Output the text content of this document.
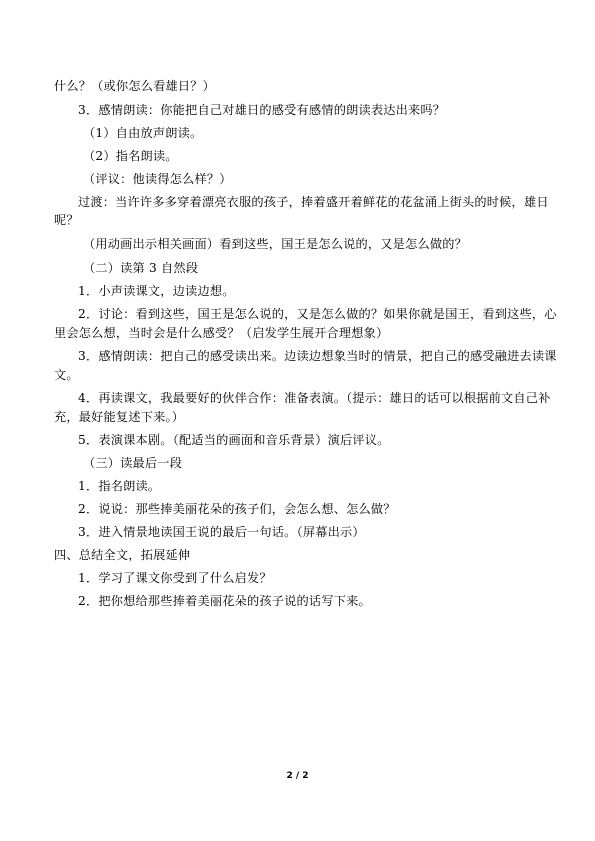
什么？（或你怎么看雄日？）
3．感情朗读：你能把自己对雄日的感受有感情的朗读表达出来吗？
（1）自由放声朗读。
（2）指名朗读。
（评议：他读得怎么样？）
过渡：当许许多多穿着漂亮衣服的孩子，捧着盛开着鲜花的花盆涌上街头的时候，雄日
呢？
（用动画出示相关画面）看到这些，国王是怎么说的，又是怎么做的？
（二）读第 3 自然段
1．小声读课文，边读边想。
2．讨论：看到这些，国王是怎么说的，又是怎么做的？如果你就是国王，看到这些，心
里会怎么想，当时会是什么感受？（启发学生展开合理想象）
3．感情朗读：把自己的感受读出来。边读边想象当时的情景，把自己的感受融进去读课
文。
4．再读课文，我最要好的伙伴合作：准备表演。（提示：雄日的话可以根据前文自己补
充，最好能复述下来。）
5．表演课本剧。（配适当的画面和音乐背景）演后评议。
（三）读最后一段
1．指名朗读。
2．说说：那些捧美丽花朵的孩子们，会怎么想、怎么做？
3．进入情景地读国王说的最后一句话。（屏幕出示）
四、总结全文，拓展延伸
1．学习了课文你受到了什么启发？
2．把你想给那些捧着美丽花朵的孩子说的话写下来。
2 / 2
